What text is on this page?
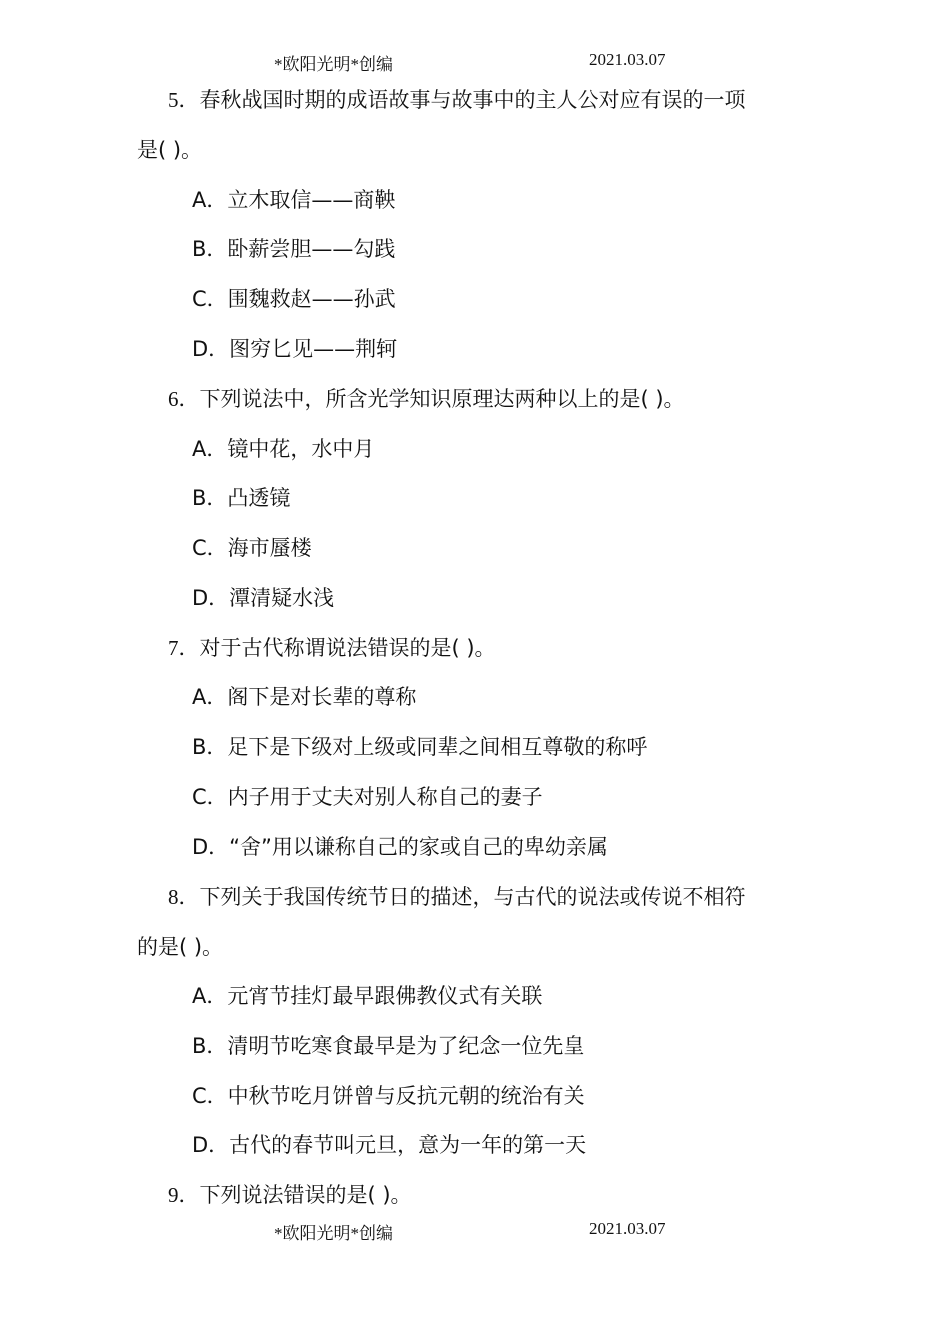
*欧阳光明*创编	2021.03.07
5．春秋战国时期的成语故事与故事中的主人公对应有误的一项
是( )。
A．立木取信——商鞅
B．卧薪尝胆——勾践
C．围魏救赵——孙武
D．图穷匕见——荆轲
6．下列说法中，所含光学知识原理达两种以上的是( )。
A．镜中花，水中月
B．凸透镜
C．海市蜃楼
D．潭清疑水浅
7．对于古代称谓说法错误的是( )。
A．阁下是对长辈的尊称
B．足下是下级对上级或同辈之间相互尊敬的称呼
C．内子用于丈夫对别人称自己的妻子
D．“舍”用以谦称自己的家或自己的卑幼亲属
8．下列关于我国传统节日的描述，与古代的说法或传说不相符
的是( )。
A．元宵节挂灯最早跟佛教仪式有关联
B．清明节吃寒食最早是为了纪念一位先皇
C．中秋节吃月饼曾与反抗元朝的统治有关
D．古代的春节叫元旦，意为一年的第一天
9．下列说法错误的是( )。
*欧阳光明*创编	2021.03.07
